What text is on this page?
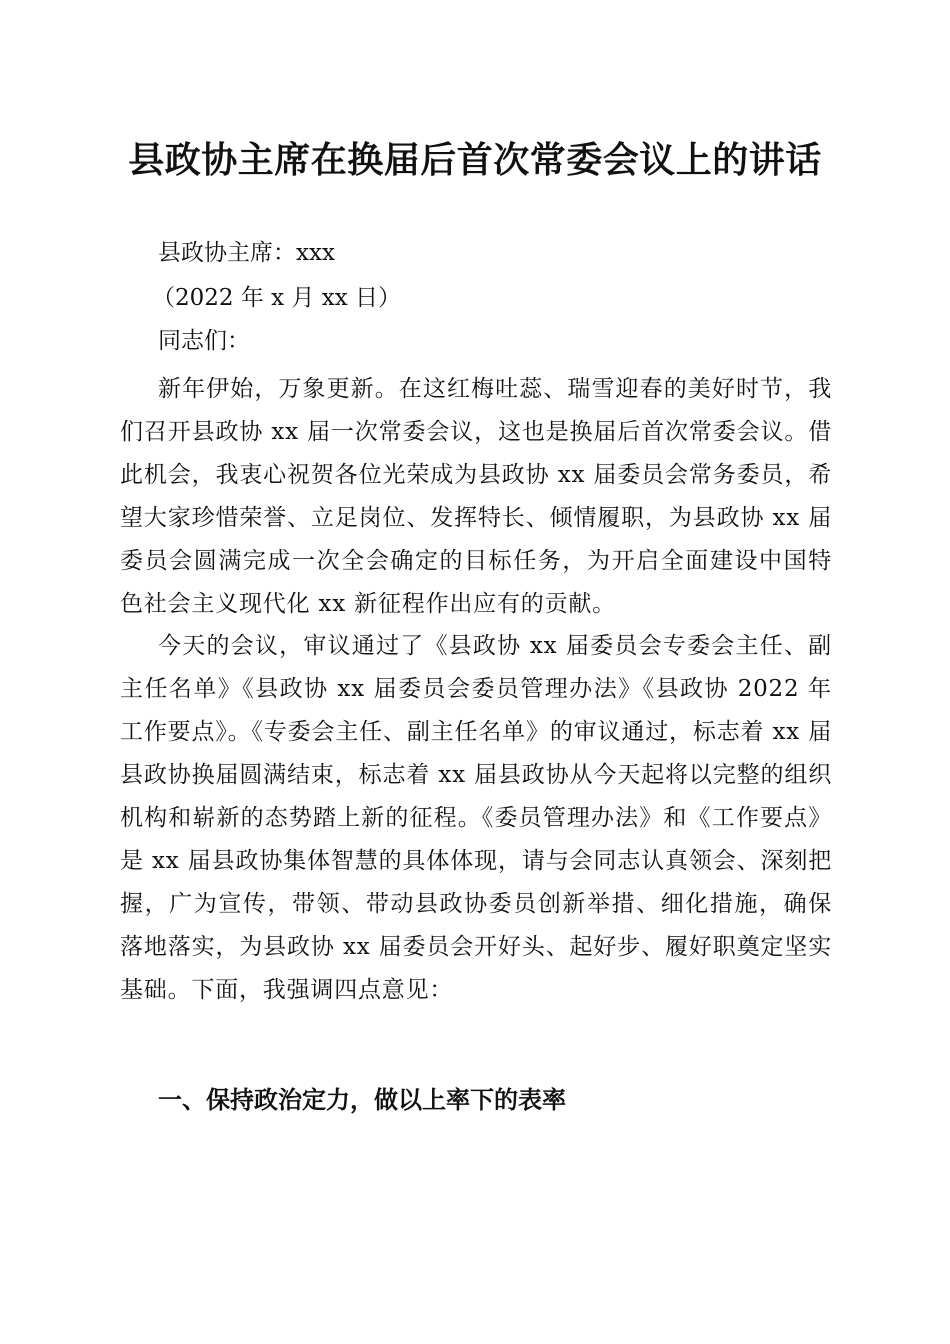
县政协主席在换届后首次常委会议上的讲话
县政协主席：xxx
（2022 年 x 月 xx 日）
同志们：

新年伊始，万象更新。在这红梅吐蕊、瑞雪迎春的美好时节，我们召开县政协 xx 届一次常委会议，这也是换届后首次常委会议。借此机会，我衷心祝贺各位光荣成为县政协 xx 届委员会常务委员，希望大家珍惜荣誉、立足岗位、发挥特长、倾情履职，为县政协 xx 届委员会圆满完成一次全会确定的目标任务，为开启全面建设中国特色社会主义现代化 xx 新征程作出应有的贡献。

今天的会议，审议通过了《县政协 xx 届委员会专委会主任、副主任名单》《县政协 xx 届委员会委员管理办法》《县政协 2022 年工作要点》。《专委会主任、副主任名单》的审议通过，标志着 xx 届县政协换届圆满结束，标志着 xx 届县政协从今天起将以完整的组织机构和崭新的态势踏上新的征程。《委员管理办法》和《工作要点》是 xx 届县政协集体智慧的具体体现，请与会同志认真领会、深刻把握，广为宣传，带领、带动县政协委员创新举措、细化措施，确保落地落实，为县政协 xx 届委员会开好头、起好步、履好职奠定坚实基础。下面，我强调四点意见：

一、保持政治定力，做以上率下的表率
